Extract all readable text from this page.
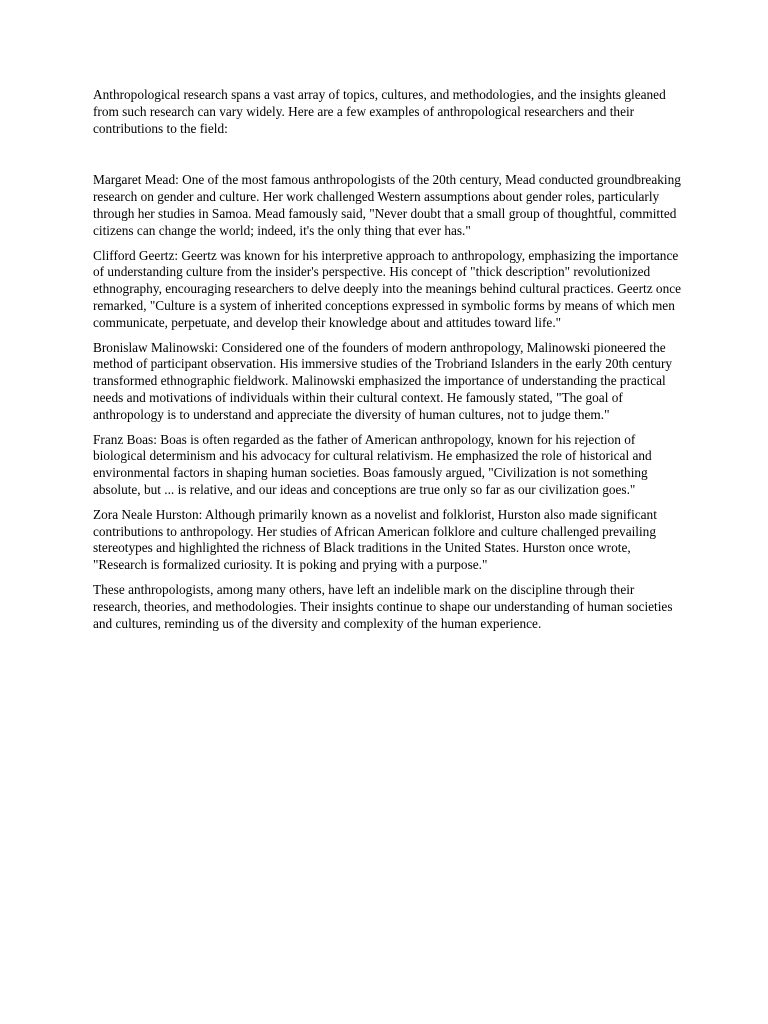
Anthropological research spans a vast array of topics, cultures, and methodologies, and the insights gleaned from such research can vary widely. Here are a few examples of anthropological researchers and their contributions to the field:

Margaret Mead: One of the most famous anthropologists of the 20th century, Mead conducted groundbreaking research on gender and culture. Her work challenged Western assumptions about gender roles, particularly through her studies in Samoa. Mead famously said, "Never doubt that a small group of thoughtful, committed citizens can change the world; indeed, it's the only thing that ever has."

Clifford Geertz: Geertz was known for his interpretive approach to anthropology, emphasizing the importance of understanding culture from the insider's perspective. His concept of "thick description" revolutionized ethnography, encouraging researchers to delve deeply into the meanings behind cultural practices. Geertz once remarked, "Culture is a system of inherited conceptions expressed in symbolic forms by means of which men communicate, perpetuate, and develop their knowledge about and attitudes toward life."

Bronislaw Malinowski: Considered one of the founders of modern anthropology, Malinowski pioneered the method of participant observation. His immersive studies of the Trobriand Islanders in the early 20th century transformed ethnographic fieldwork. Malinowski emphasized the importance of understanding the practical needs and motivations of individuals within their cultural context. He famously stated, "The goal of anthropology is to understand and appreciate the diversity of human cultures, not to judge them."

Franz Boas: Boas is often regarded as the father of American anthropology, known for his rejection of biological determinism and his advocacy for cultural relativism. He emphasized the role of historical and environmental factors in shaping human societies. Boas famously argued, "Civilization is not something absolute, but ... is relative, and our ideas and conceptions are true only so far as our civilization goes."

Zora Neale Hurston: Although primarily known as a novelist and folklorist, Hurston also made significant contributions to anthropology. Her studies of African American folklore and culture challenged prevailing stereotypes and highlighted the richness of Black traditions in the United States. Hurston once wrote, "Research is formalized curiosity. It is poking and prying with a purpose."

These anthropologists, among many others, have left an indelible mark on the discipline through their research, theories, and methodologies. Their insights continue to shape our understanding of human societies and cultures, reminding us of the diversity and complexity of the human experience.
